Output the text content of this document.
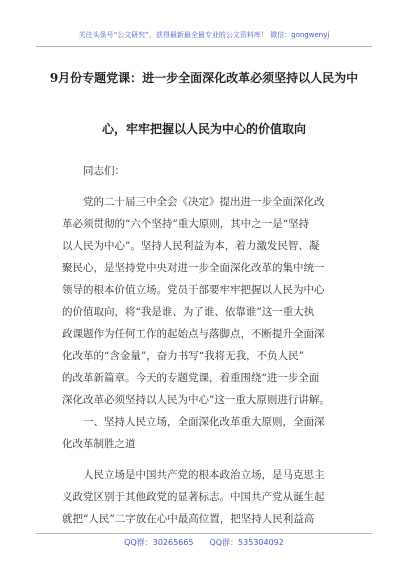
关注头条号“公文研究”，获得最新最全最专业的公文资料库！ 微信：gongwenyj
9月份专题党课：进一步全面深化改革必须坚持以人民为中
心，牢牢把握以人民为中心的价值取向
同志们：
党的二十届三中全会《决定》提出进一步全面深化改
革必须贯彻的“六个坚持”重大原则，其中之一是“坚持
以人民为中心”。坚持人民利益为本，着力激发民智、凝
聚民心，是坚持党中央对进一步全面深化改革的集中统一
领导的根本价值立场。党员干部要牢牢把握以人民为中心
的价值取向，将“我是谁、为了谁、依靠谁”这一重大执
政课题作为任何工作的起始点与落脚点，不断提升全面深
化改革的“含金量”，奋力书写“我将无我，不负人民”
的改革新篇章。今天的专题党课，着重围绕“进一步全面
深化改革必须坚持以人民为中心”这一重大原则进行讲解。
一、坚持人民立场，全面深化改革重大原则，全面深
化改革制胜之道
人民立场是中国共产党的根本政治立场，是马克思主
义政党区别于其他政党的显著标志。中国共产党从诞生起
就把“人民”二字放在心中最高位置，把坚持人民利益高
QQ群：30265665　　QQ群：535304092
